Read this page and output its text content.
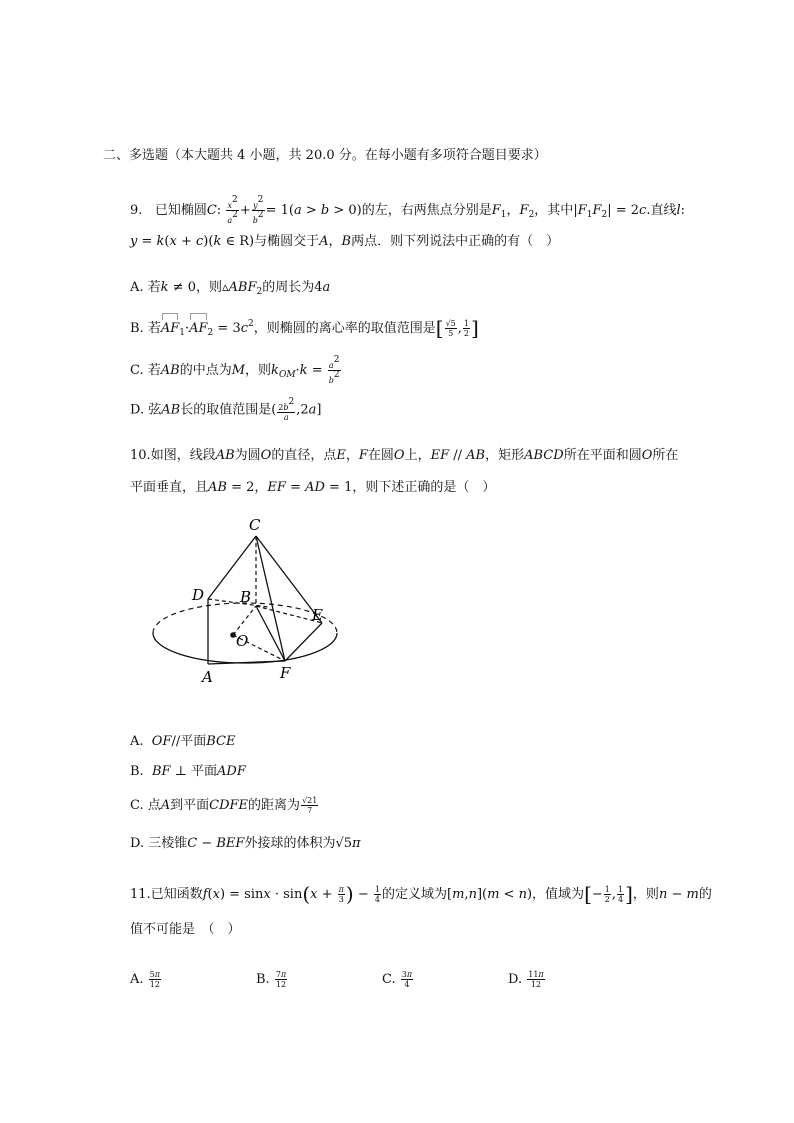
二、多选题（本大题共 4 小题，共 20.0 分。在每小题有多项符合题目要求）
9. 已知椭圆C: $\frac{x2}{a2} + \frac{y2}{b2} = 1(a > b > 0)$的左，右两焦点分别是$F_1$，$F_2$，其中$|F_1F_2| = 2c$.直线l:
y = k(x + c)(k ∈ R)与椭圆交于A，B两点．则下列说法中正确的有（　）
A. 若k ≠ 0，则$▵ABF_2$的周长为4a
B. 若$AF_1\cdot AF_2 = 3c^2$，则椭圆的离心率的取值范围是[ $\frac{√5}{5}$ , $\frac{1}{2}$ ]
C. 若AB的中点为M，则$k_{OM}\cdot k = \frac{a2}{b2}$
D. 弦AB长的取值范围是( $\frac{2b2}{a} ,2a$]
10.如图，线段AB为圆O的直径，点E，F在圆O上，EF // AB，矩形ABCD所在平面和圆O所在
平面垂直，且AB = 2，EF = AD = 1，则下述正确的是（　）
C
D B
E
O
A	F
A. OF//平面BCE
B. BF ⊥ 平面ADF
C. 点A到平面CDFE的距离为 $\frac{√21}{7}$
D. 三棱锥C − BEF外接球的体积为√5π
11.已知函数$f(x) = \sin x \cdot \sin(x + \frac{\pi}{3}$ ) − $\frac{1}{4}$ 的定义域为[m,n](m < n)，值域为[− $\frac{1}{2}$ , $\frac{1}{4}$ ]，则n − m的
值不可能是　（　）
A. $\frac{5\pi}{12}$	B. $\frac{7\pi}{12}$	C. $\frac{3\pi}{4}$	D. $\frac{11\pi}{12}$
